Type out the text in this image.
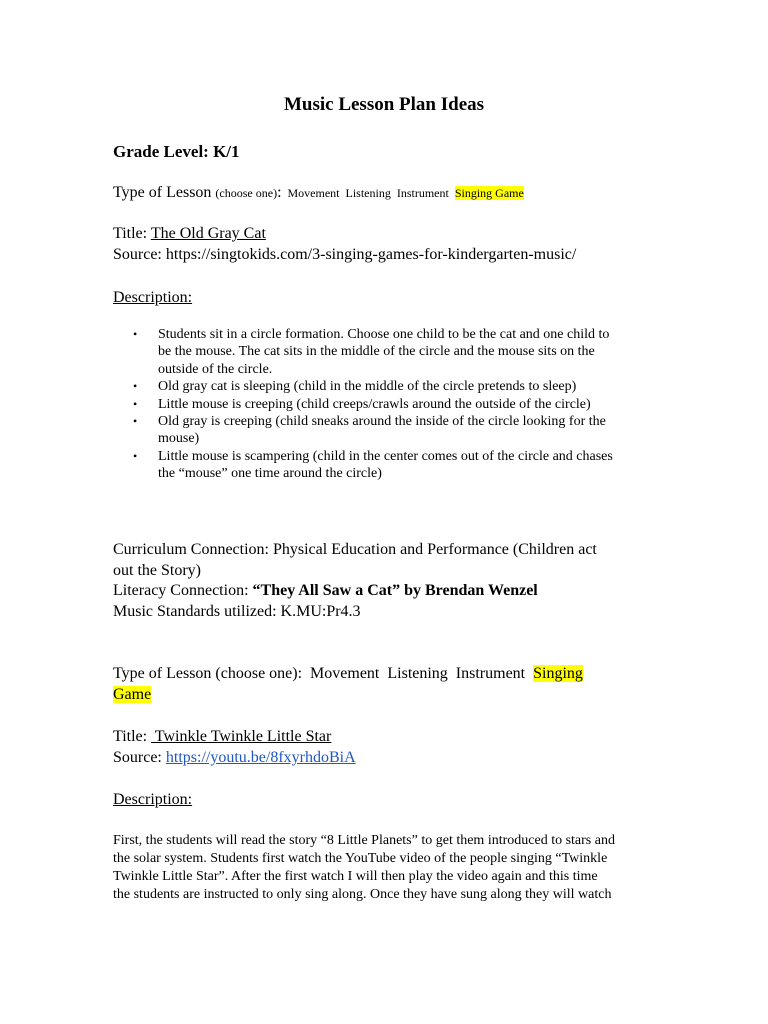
Music Lesson Plan Ideas
Grade Level: K/1
Type of Lesson (choose one):  Movement  Listening  Instrument  Singing Game
Title: The Old Gray Cat
Source: https://singtokids.com/3-singing-games-for-kindergarten-music/
Description:
• Students sit in a circle formation. Choose one child to be the cat and one child to
be the mouse. The cat sits in the middle of the circle and the mouse sits on the
outside of the circle.
• Old gray cat is sleeping (child in the middle of the circle pretends to sleep)
• Little mouse is creeping (child creeps/crawls around the outside of the circle)
• Old gray is creeping (child sneaks around the inside of the circle looking for the
mouse)
• Little mouse is scampering (child in the center comes out of the circle and chases
the “mouse” one time around the circle)
Curriculum Connection: Physical Education and Performance (Children act
out the Story)
Literacy Connection: “They All Saw a Cat” by Brendan Wenzel
Music Standards utilized: K.MU:Pr4.3
Type of Lesson (choose one):  Movement  Listening  Instrument  Singing
Game
Title:  Twinkle Twinkle Little Star
Source: https://youtu.be/8fxyrhdoBiA
Description:
First, the students will read the story “8 Little Planets” to get them introduced to stars and
the solar system. Students first watch the YouTube video of the people singing “Twinkle
Twinkle Little Star”. After the first watch I will then play the video again and this time
the students are instructed to only sing along. Once they have sung along they will watch
